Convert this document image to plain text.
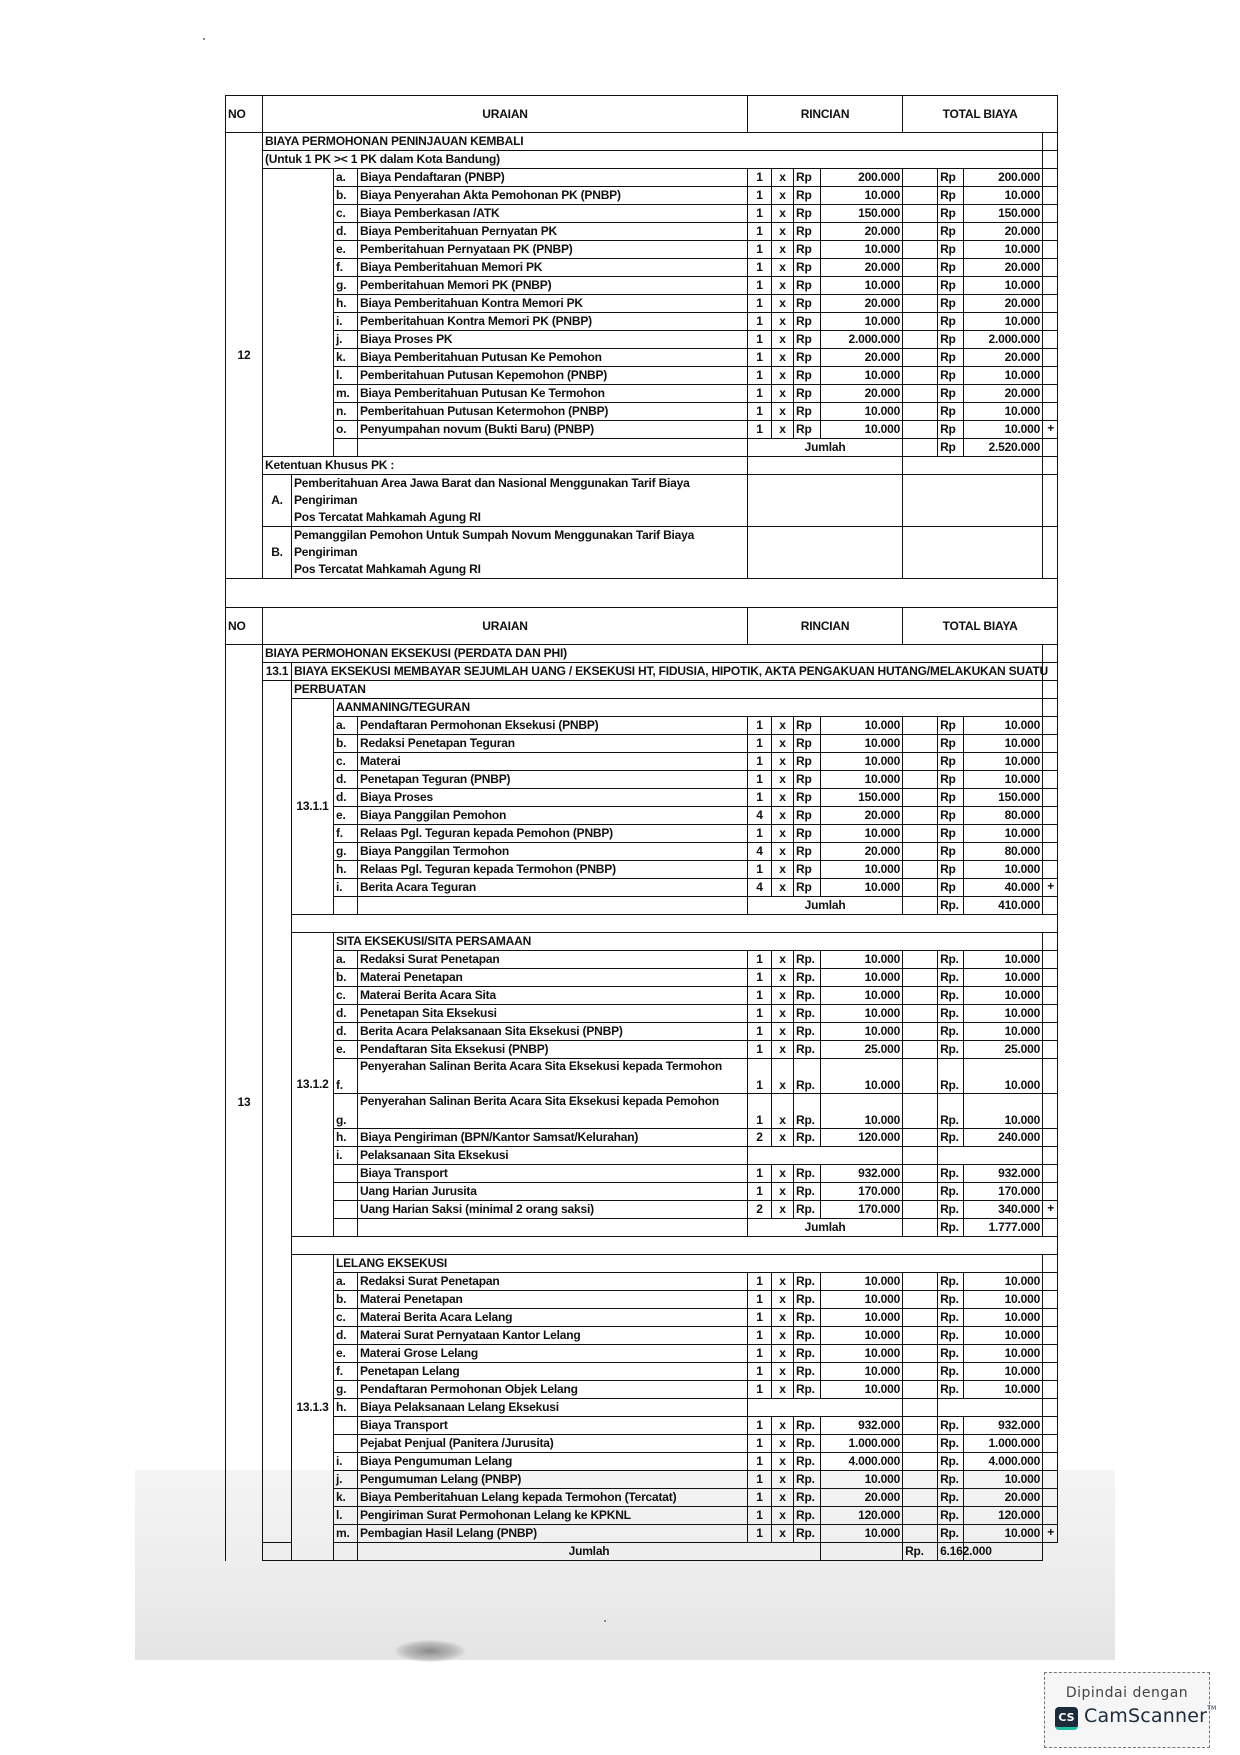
NO	URAIAN				RINCIAN				TOTAL BIAYA			
12	BIAYA PERMOHONAN PENINJAUAN KEMBALI											
	(Untuk 1 PK >< 1 PK dalam Kota Bandung)											
			a.	Biaya Pendaftaran (PNBP)	1	x	Rp	200.000		Rp	200.000	
			b.	Biaya Penyerahan Akta Pemohonan PK (PNBP)	1	x	Rp	10.000		Rp	10.000	
			c.	Biaya Pemberkasan /ATK	1	x	Rp	150.000		Rp	150.000	
			d.	Biaya Pemberitahuan Pernyatan PK	1	x	Rp	20.000		Rp	20.000	
			e.	Pemberitahuan Pernyataan PK (PNBP)	1	x	Rp	10.000		Rp	10.000	
			f.	Biaya Pemberitahuan Memori PK	1	x	Rp	20.000		Rp	20.000	
			g.	Pemberitahuan Memori PK (PNBP)	1	x	Rp	10.000		Rp	10.000	
			h.	Biaya Pemberitahuan Kontra Memori PK	1	x	Rp	20.000		Rp	20.000	
			i.	Pemberitahuan Kontra Memori PK (PNBP)	1	x	Rp	10.000		Rp	10.000	
			j.	Biaya Proses PK	1	x	Rp	2.000.000		Rp	2.000.000	
			k.	Biaya Pemberitahuan Putusan Ke Pemohon	1	x	Rp	20.000		Rp	20.000	
			l.	Pemberitahuan Putusan Kepemohon (PNBP)	1	x	Rp	10.000		Rp	10.000	
			m.	Biaya Pemberitahuan Putusan Ke Termohon	1	x	Rp	20.000		Rp	20.000	
			n.	Pemberitahuan Putusan Ketermohon (PNBP)	1	x	Rp	10.000		Rp	10.000	
			o.	Penyumpahan novum (Bukti Baru) (PNBP)	1	x	Rp	10.000		Rp	10.000 +	
					Jumlah					Rp	2.520.000	
	Ketentuan Khusus PK :											
	A.	Pemberitahuan Area Jawa Barat dan Nasional Menggunakan Tarif Biaya Pengiriman
Pos Tercatat Mahkamah Agung RI										

	B.	Pemanggilan Pemohon Untuk Sumpah Novum Menggunakan Tarif Biaya Pengiriman
Pos Tercatat Mahkamah Agung RI										

NO	URAIAN				RINCIAN				TOTAL BIAYA			
13	BIAYA PERMOHONAN EKSEKUSI (PERDATA DAN PHI)											
	13.1	BIAYA EKSEKUSI MEMBAYAR SEJUMLAH UANG / EKSEKUSI HT, FIDUSIA, HIPOTIK, AKTA PENGAKUAN HUTANG/MELAKUKAN SUATU										
		PERBUATAN										
		13.1.1	AANMANING/TEGURAN									
			a.	Pendaftaran Permohonan Eksekusi (PNBP)	1	x	Rp	10.000		Rp	10.000	
			b.	Redaksi Penetapan Teguran	1	x	Rp	10.000		Rp	10.000	
			c.	Materai	1	x	Rp	10.000		Rp	10.000	
			d.	Penetapan Teguran (PNBP)	1	x	Rp	10.000		Rp	10.000	
			d.	Biaya Proses	1	x	Rp	150.000		Rp	150.000	
			e.	Biaya Panggilan Pemohon	4	x	Rp	20.000		Rp	80.000	
			f.	Relaas Pgl. Teguran kepada Pemohon (PNBP)	1	x	Rp	10.000		Rp	10.000	
			g.	Biaya Panggilan Termohon	4	x	Rp	20.000		Rp	80.000	
			h.	Relaas Pgl. Teguran kepada Termohon (PNBP)	1	x	Rp	10.000		Rp	10.000	
			i.	Berita Acara Teguran	4	x	Rp	10.000		Rp	40.000 +	
					Jumlah					Rp.	410.000	

		13.1.2	SITA EKSEKUSI/SITA PERSAMAAN									
			a.	Redaksi Surat Penetapan	1	x	Rp.	10.000		Rp.	10.000	
			b.	Materai Penetapan	1	x	Rp.	10.000		Rp.	10.000	
			c.	Materai Berita Acara Sita	1	x	Rp.	10.000		Rp.	10.000	
			d.	Penetapan Sita Eksekusi	1	x	Rp.	10.000		Rp.	10.000	
			d.	Berita Acara Pelaksanaan Sita Eksekusi (PNBP)	1	x	Rp.	10.000		Rp.	10.000	
			e.	Pendaftaran Sita Eksekusi (PNBP)	1	x	Rp.	25.000		Rp.	25.000	
			f.	Penyerahan Salinan Berita Acara Sita Eksekusi kepada Termohon	1	x	Rp.	10.000		Rp.	10.000	
			g.	Penyerahan Salinan Berita Acara Sita Eksekusi kepada Pemohon	1	x	Rp.	10.000		Rp.	10.000	
			h.	Biaya Pengiriman (BPN/Kantor Samsat/Kelurahan)	2	x	Rp.	120.000		Rp.	240.000	
			i.	Pelaksanaan Sita Eksekusi								
				Biaya Transport	1	x	Rp.	932.000		Rp.	932.000	
				Uang Harian Jurusita	1	x	Rp.	170.000		Rp.	170.000	
				Uang Harian Saksi (minimal 2 orang saksi)	2	x	Rp.	170.000		Rp.	340.000 +	
					Jumlah					Rp.	1.777.000	

		13.1.3	LELANG EKSEKUSI									
			a.	Redaksi Surat Penetapan	1	x	Rp.	10.000		Rp.	10.000	
			b.	Materai Penetapan	1	x	Rp.	10.000		Rp.	10.000	
			c.	Materai Berita Acara Lelang	1	x	Rp.	10.000		Rp.	10.000	
			d.	Materai Surat Pernyataan Kantor Lelang	1	x	Rp.	10.000		Rp.	10.000	
			e.	Materai Grose Lelang	1	x	Rp.	10.000		Rp.	10.000	
			f.	Penetapan Lelang	1	x	Rp.	10.000		Rp.	10.000	
			g.	Pendaftaran Permohonan Objek Lelang	1	x	Rp.	10.000		Rp.	10.000	
			h.	Biaya Pelaksanaan Lelang Eksekusi								
				Biaya Transport	1	x	Rp.	932.000		Rp.	932.000	
				Pejabat Penjual (Panitera /Jurusita)	1	x	Rp.	1.000.000		Rp.	1.000.000	
			i.	Biaya Pengumuman Lelang	1	x	Rp.	4.000.000		Rp.	4.000.000	
			j.	Pengumuman Lelang (PNBP)	1	x	Rp.	10.000		Rp.	10.000	
			k.	Biaya Pemberitahuan Lelang kepada Termohon (Tercatat)	1	x	Rp.	20.000		Rp.	20.000	
			l.	Pengiriman Surat Permohonan Lelang ke KPKNL	1	x	Rp.	120.000		Rp.	120.000	
			m.	Pembagian Hasil Lelang (PNBP)	1	x	Rp.	10.000		Rp.	10.000 +	
				Jumlah					Rp.	6.162.000		
Dipindai dengan
CS CamScanner™
